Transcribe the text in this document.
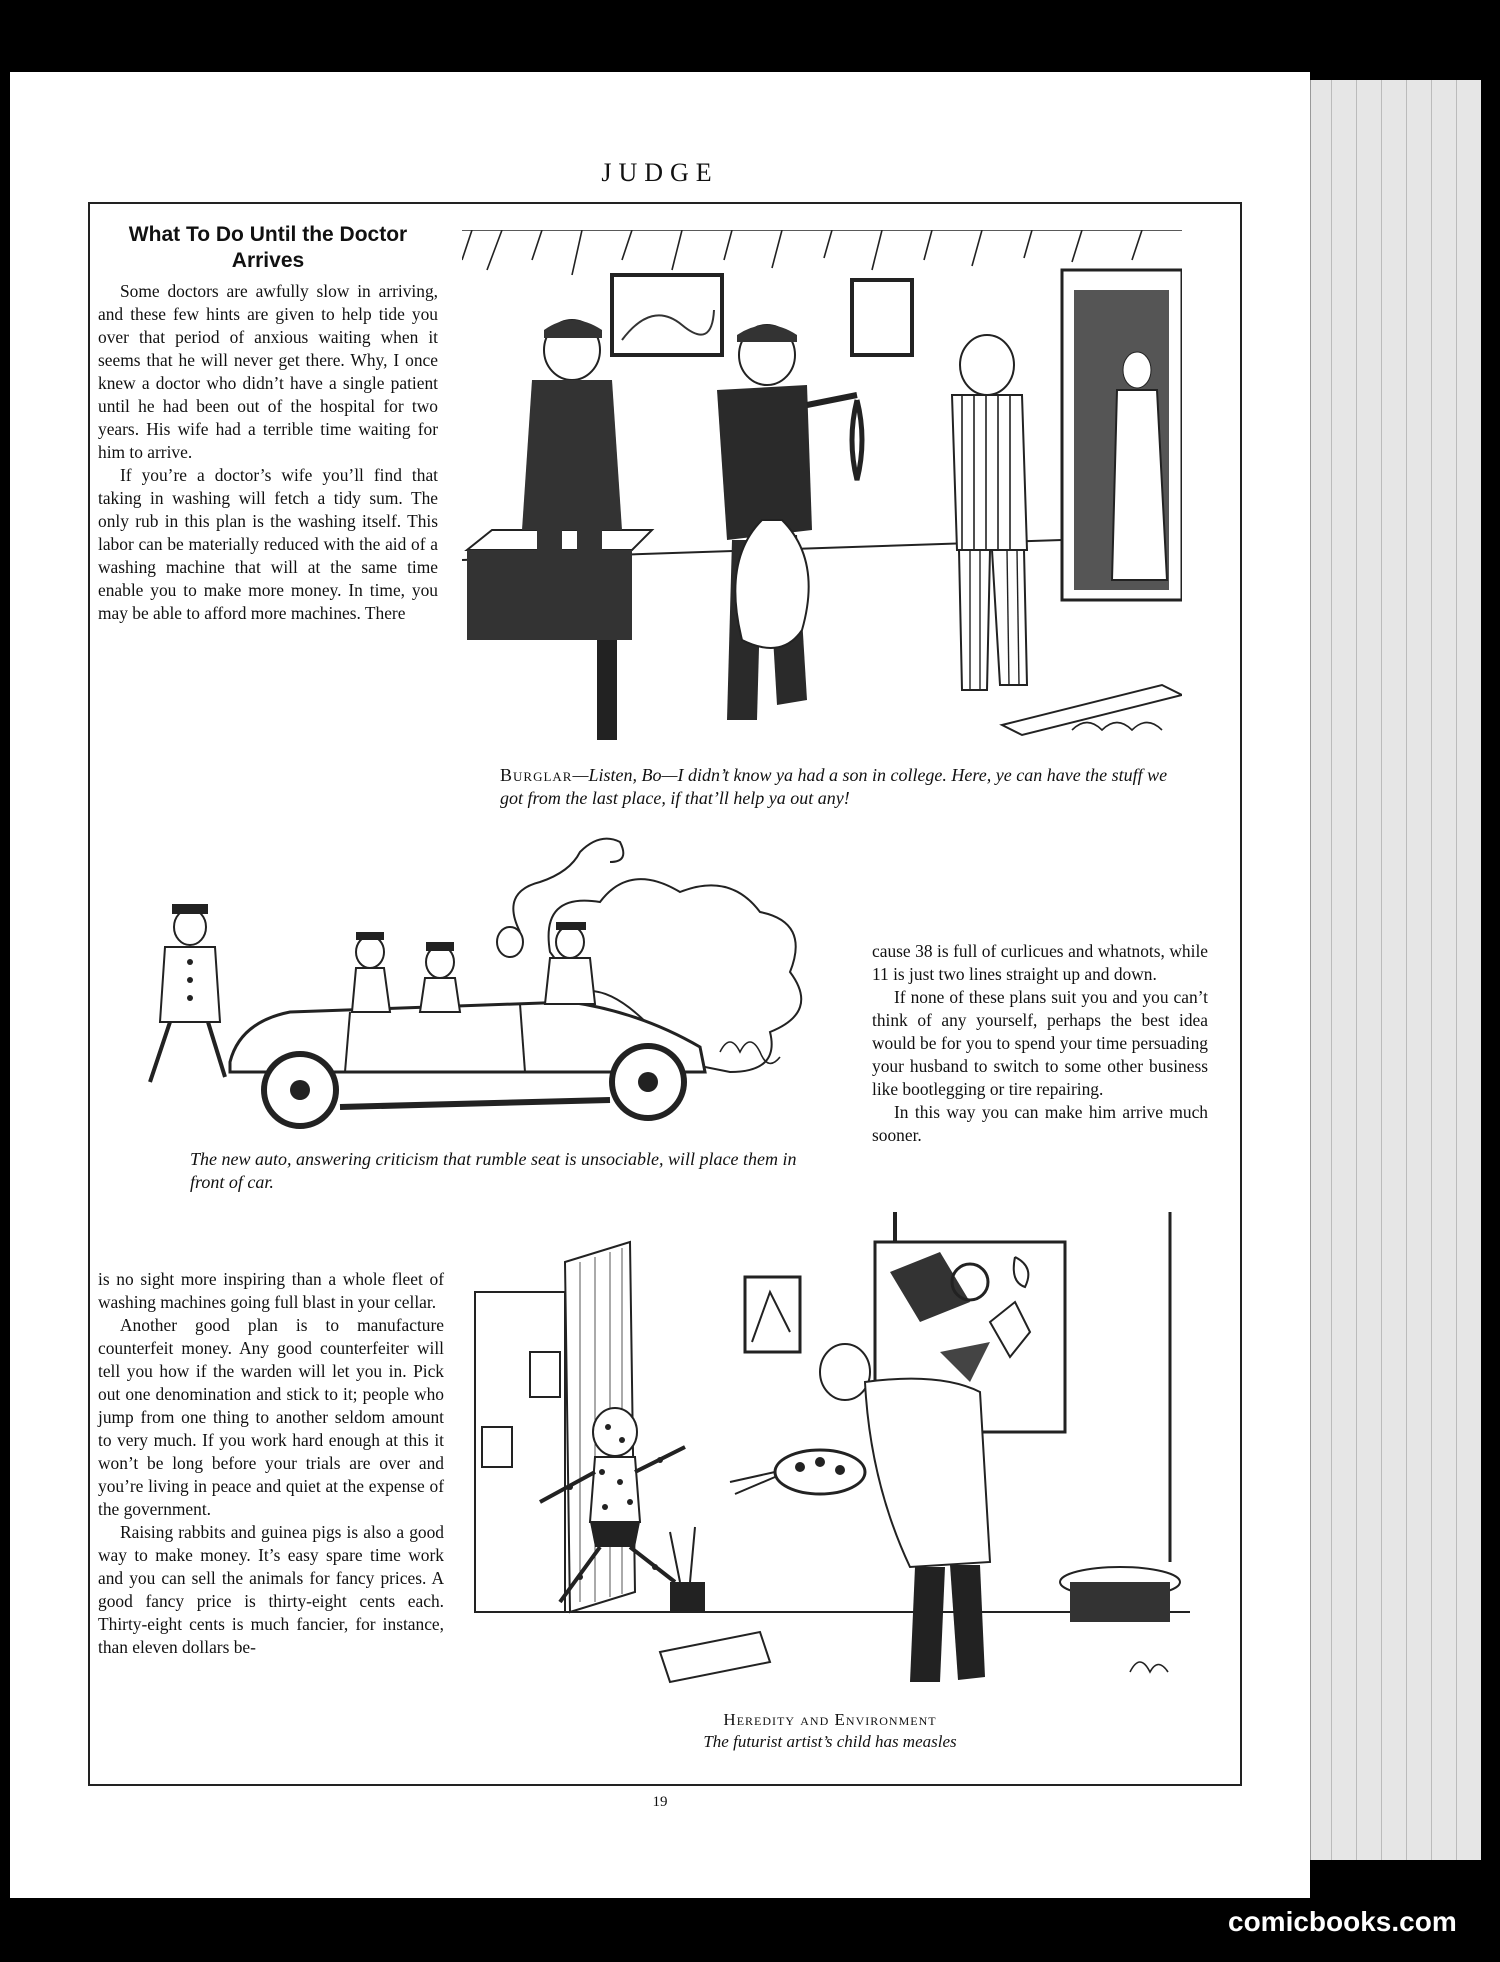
JUDGE
What To Do Until the Doctor Arrives

Some doctors are awfully slow in arriving, and these few hints are given to help tide you over that period of anxious waiting when it seems that he will never get there. Why, I once knew a doctor who didn’t have a single patient until he had been out of the hospital for two years. His wife had a terrible time waiting for him to arrive.

If you’re a doctor’s wife you’ll find that taking in washing will fetch a tidy sum. The only rub in this plan is the washing itself. This labor can be materially reduced with the aid of a washing machine that will at the same time enable you to make more money. In time, you may be able to afford more machines. There

Burglar—Listen, Bo—I didn’t know ya had a son in college. Here, ye can have the stuff we got from the last place, if that’ll help ya out any!
The new auto, answering criticism that rumble seat is unsociable, will place them in front of car.

cause 38 is full of curlicues and whatnots, while 11 is just two lines straight up and down.

If none of these plans suit you and you can’t think of any yourself, perhaps the best idea would be for you to spend your time persuading your husband to switch to some other business like bootlegging or tire repairing.

In this way you can make him arrive much sooner.

is no sight more inspiring than a whole fleet of washing machines going full blast in your cellar.

Another good plan is to manufacture counterfeit money. Any good counterfeiter will tell you how if the warden will let you in. Pick out one denomination and stick to it; people who jump from one thing to another seldom amount to very much. If you work hard enough at this it won’t be long before your trials are over and you’re living in peace and quiet at the expense of the government.

Raising rabbits and guinea pigs is also a good way to make money. It’s easy spare time work and you can sell the animals for fancy prices. A good fancy price is thirty-eight cents each. Thirty-eight cents is much fancier, for instance, than eleven dollars be-

Heredity and Environment
The futurist artist’s child has measles
19
comicbooks.com
